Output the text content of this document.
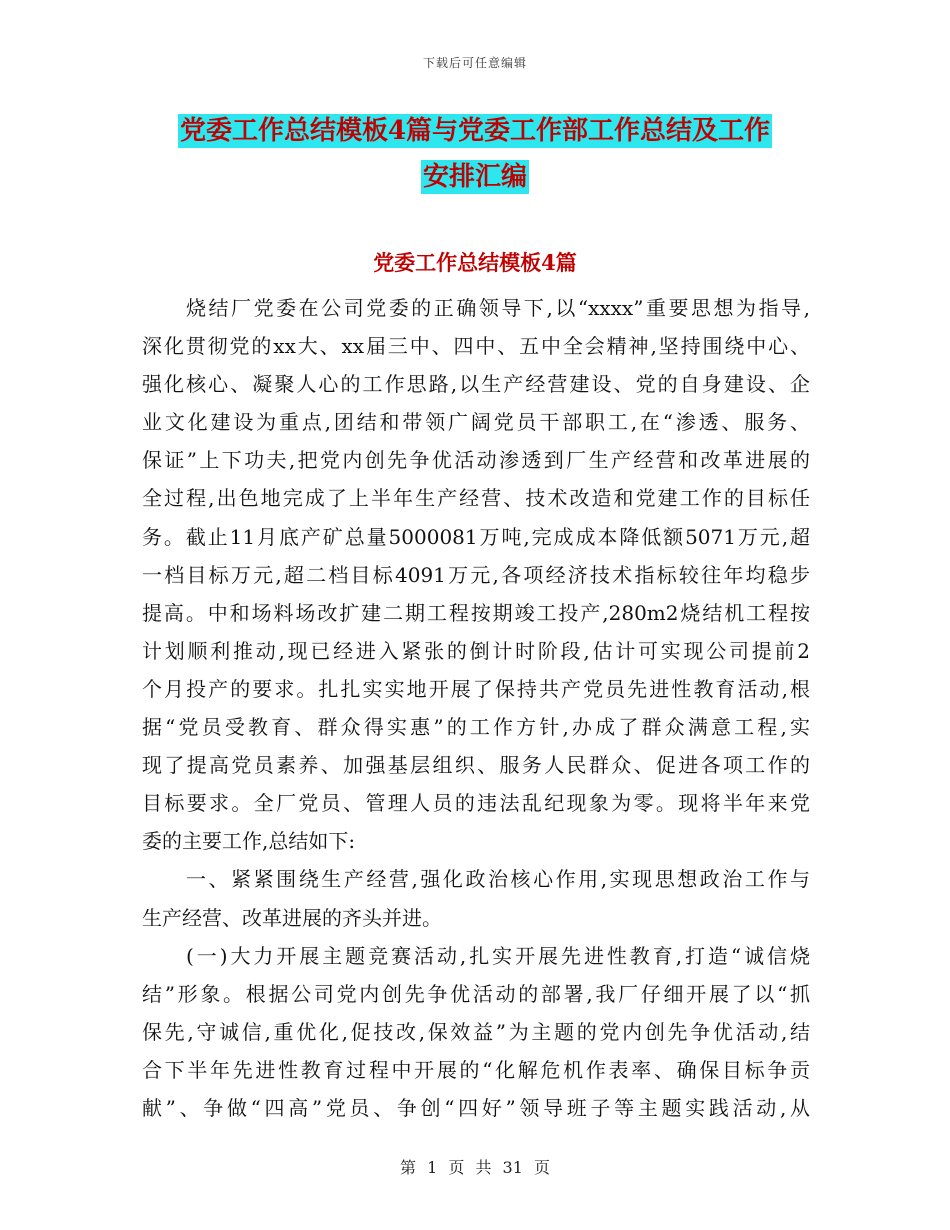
下载后可任意编辑
党委工作总结模板4篇与党委工作部工作总结及工作
安排汇编
党委工作总结模板4篇
烧结厂党委在公司党委的正确领导下,以“xxxx”重要思想为指导,
深化贯彻党的xx大、xx届三中、四中、五中全会精神,坚持围绕中心、
强化核心、凝聚人心的工作思路,以生产经营建设、党的自身建设、企
业文化建设为重点,团结和带领广阔党员干部职工,在“渗透、服务、
保证”上下功夫,把党内创先争优活动渗透到厂生产经营和改革进展的
全过程,出色地完成了上半年生产经营、技术改造和党建工作的目标任
务。截止11月底产矿总量5000081万吨,完成成本降低额5071万元,超
一档目标万元,超二档目标4091万元,各项经济技术指标较往年均稳步
提高。中和场料场改扩建二期工程按期竣工投产,280m2烧结机工程按
计划顺利推动,现已经进入紧张的倒计时阶段,估计可实现公司提前2
个月投产的要求。扎扎实实地开展了保持共产党员先进性教育活动,根
据“党员受教育、群众得实惠”的工作方针,办成了群众满意工程,实
现了提高党员素养、加强基层组织、服务人民群众、促进各项工作的
目标要求。全厂党员、管理人员的违法乱纪现象为零。现将半年来党
委的主要工作,总结如下:
一、紧紧围绕生产经营,强化政治核心作用,实现思想政治工作与
生产经营、改革进展的齐头并进。
(一)大力开展主题竞赛活动,扎实开展先进性教育,打造“诚信烧
结”形象。根据公司党内创先争优活动的部署,我厂仔细开展了以“抓
保先,守诚信,重优化,促技改,保效益”为主题的党内创先争优活动,结
合下半年先进性教育过程中开展的“化解危机作表率、确保目标争贡
献”、争做“四高”党员、争创“四好”领导班子等主题实践活动,从
第 1 页 共 31 页
